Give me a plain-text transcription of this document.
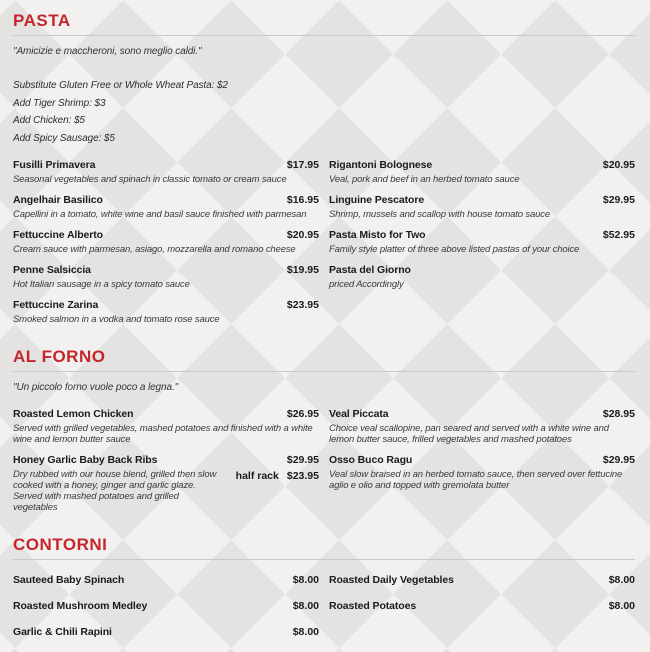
PASTA
"Amicizie e maccheroni, sono meglio caldi."
Substitute Gluten Free or Whole Wheat Pasta: $2
Add Tiger Shrimp: $3
Add Chicken: $5
Add Spicy Sausage: $5
Fusilli Primavera	$17.95
Seasonal vegetables and spinach in classic tomato or cream sauce
Angelhair Basilico	$16.95
Capellini in a tomato, white wine and basil sauce finished with parmesan
Fettuccine Alberto	$20.95
Cream sauce with parmesan, asiago, mozzarella and romano cheese
Penne Salsiccia	$19.95
Hot Italian sausage in a spicy tomato sauce
Fettuccine Zarina	$23.95
Smoked salmon in a vodka and tomato rose sauce
Rigantoni Bolognese	$20.95
Veal, pork and beef in an herbed tomato sauce
Linguine Pescatore	$29.95
Shrimp, mussels and scallop with house tomato sauce
Pasta Misto for Two	$52.95
Family style platter of three above listed pastas of your choice
Pasta del Giorno
priced Accordingly
AL FORNO
"Un piccolo forno vuole poco a legna."
Roasted Lemon Chicken	$26.95
Served with grilled vegetables, mashed potatoes and finished with a white wine and lemon butter sauce
Honey Garlic Baby Back Ribs	$29.95
Dry rubbed with our house blend, grilled then slow cooked with a honey, ginger and garlic glaze. Served with mashed potatoes and grilled vegetables
half rack $23.95
Veal Piccata	$28.95
Choice veal scallopine, pan seared and served with a white wine and lemon butter sauce, frilled vegetables and mashed potatoes
Osso Buco Ragu	$29.95
Veal slow braised in an herbed tomato sauce, then served over fettucine aglio e olio and topped with gremolata butter
CONTORNI
Sauteed Baby Spinach	$8.00
Roasted Mushroom Medley	$8.00
Garlic & Chili Rapini	$8.00
Roasted Daily Vegetables	$8.00
Roasted Potatoes	$8.00
